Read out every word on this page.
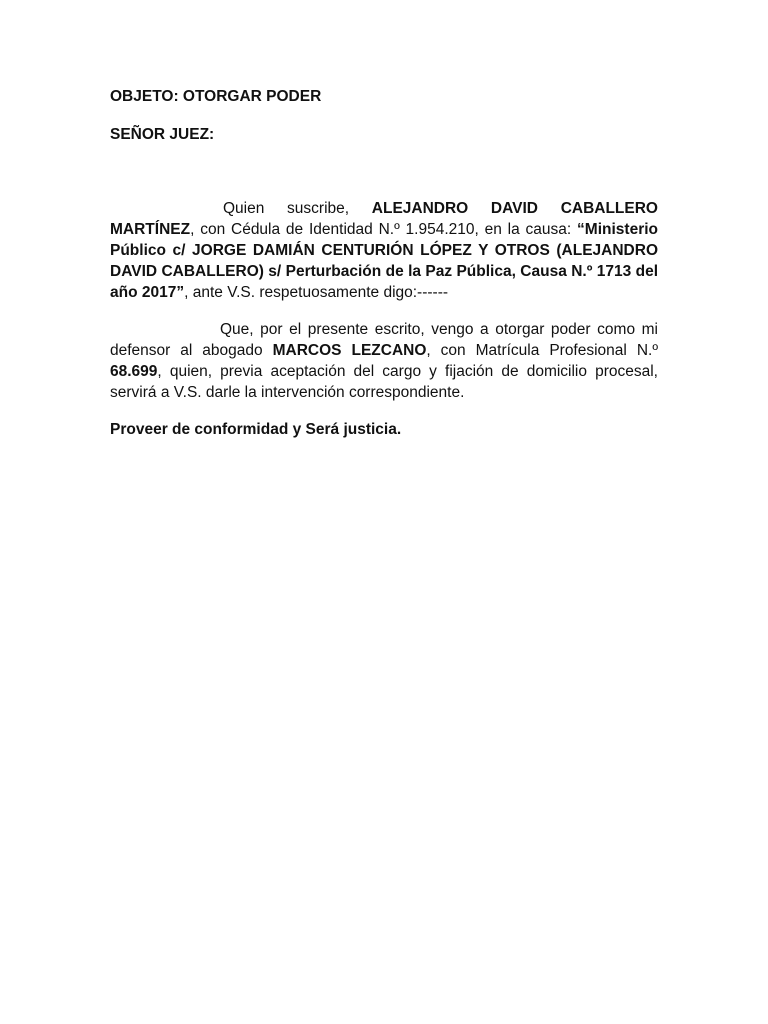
OBJETO: OTORGAR PODER

SEÑOR JUEZ:

Quien suscribe, ALEJANDRO DAVID CABALLERO MARTÍNEZ, con Cédula de Identidad N.º 1.954.210, en la causa: “Ministerio Público c/ JORGE DAMIÁN CENTURIÓN LÓPEZ Y OTROS (ALEJANDRO DAVID CABALLERO) s/ Perturbación de la Paz Pública, Causa N.º 1713 del año 2017”, ante V.S. respetuosamente digo:------

Que, por el presente escrito, vengo a otorgar poder como mi defensor al abogado MARCOS LEZCANO, con Matrícula Profesional N.º 68.699, quien, previa aceptación del cargo y fijación de domicilio procesal, servirá a V.S. darle la intervención correspondiente.

Proveer de conformidad y Será justicia.
